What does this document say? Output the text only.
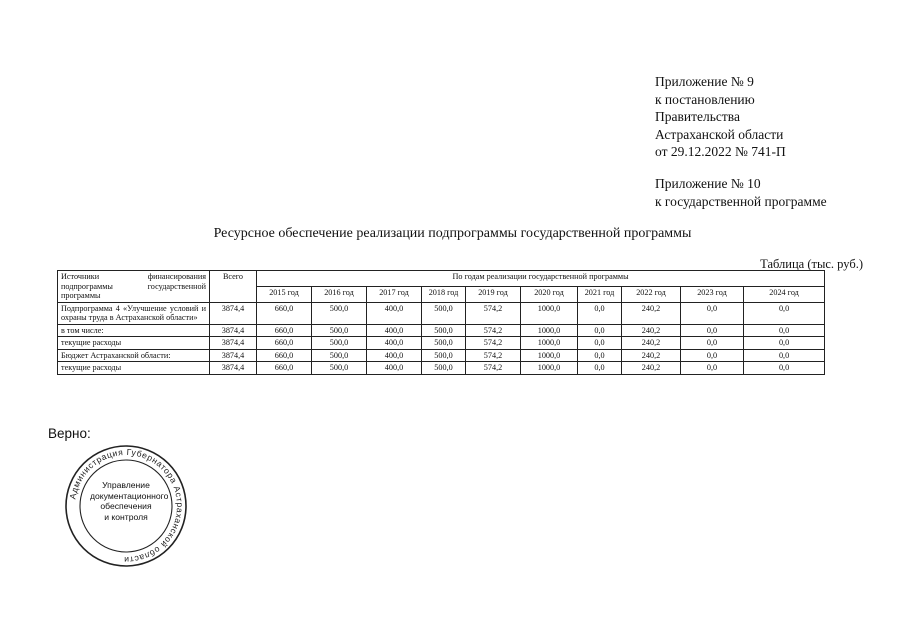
Приложение № 9
к постановлению
Правительства
Астраханской области
от 29.12.2022 № 741-П
Приложение № 10
к государственной программе
Ресурсное обеспечение реализации подпрограммы государственной программы
Таблица (тыс. руб.)
Источники финансирования подпрограммы государственной программы	Всего	По годам реализации государственной программы									
		2015 год	2016 год	2017 год	2018 год	2019 год	2020 год	2021 год	2022 год	2023 год	2024 год
Подпрограмма 4 «Улучшение условий и охраны труда в Астраханской области»	3874,4	660,0	500,0	400,0	500,0	574,2	1000,0	0,0	240,2	0,0	0,0
в том числе:	3874,4	660,0	500,0	400,0	500,0	574,2	1000,0	0,0	240,2	0,0	0,0
текущие расходы	3874,4	660,0	500,0	400,0	500,0	574,2	1000,0	0,0	240,2	0,0	0,0
Бюджет Астраханской области:	3874,4	660,0	500,0	400,0	500,0	574,2	1000,0	0,0	240,2	0,0	0,0
текущие расходы	3874,4	660,0	500,0	400,0	500,0	574,2	1000,0	0,0	240,2	0,0	0,0
Верно:
Администрация Губернатора Астраханской области
Управление
документационного
обеспечения
и контроля
